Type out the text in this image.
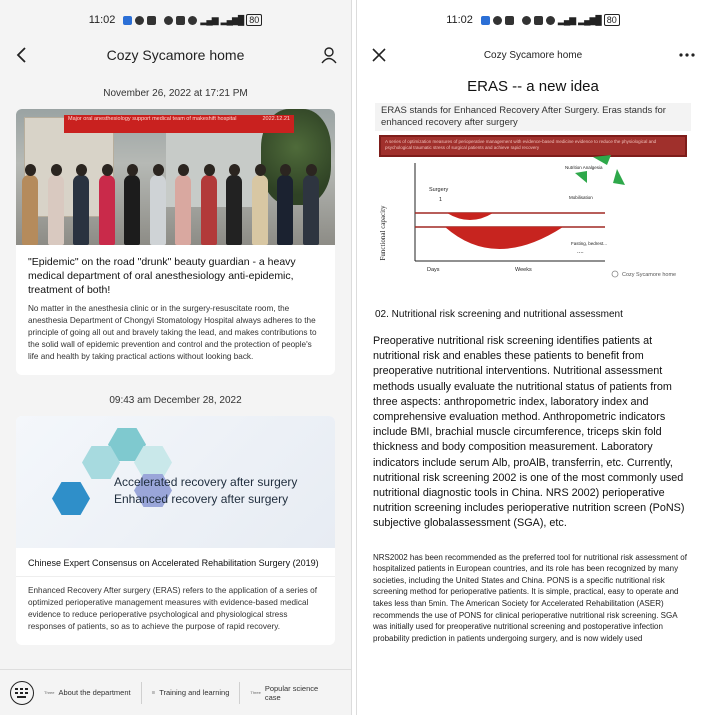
11:02	▂▄▆ ▂▄▆█ 80
Cozy Sycamore home
November 26, 2022 at 17:21 PM
Major oral anesthesiology support medical team of makeshift hospital	2022.12.21
"Epidemic" on the road "drunk" beauty guardian - a heavy medical department of oral anesthesiology anti-epidemic, treatment of both!
No matter in the anesthesia clinic or in the surgery-resuscitate room, the anesthesia Department of Chongyi Stomatology Hospital always adheres to the principle of going all out and bravely taking the lead, and makes contributions to the solid wall of epidemic prevention and control and the protection of people's life and health by taking practical actions without looking back.
09:43 am December 28, 2022
Accelerated recovery after surgery
Enhanced recovery after surgery
Chinese Expert Consensus on Accelerated Rehabilitation Surgery (2019)
Enhanced Recovery After surgery (ERAS) refers to the application of a series of optimized perioperative management measures with evidence-based medical evidence to reduce perioperative psychological and physiological stress responses of patients, so as to achieve the purpose of rapid recovery.
Three About the department	☰ Training and learning	Three Popular science case
11:02	▂▄▆ ▂▄▆█ 80
Cozy Sycamore home
ERAS -- a new idea
ERAS stands for Enhanced Recovery After Surgery. Eras stands for enhanced recovery after surgery
A series of optimization measures of perioperative management with evidence-based medicine evidence to reduce the physiological and psychological traumatic stress of surgical patients and achieve rapid recovery
Functional capacity
Surgery
1
Nutrition Analgesia
Mobilisation
Fasting, bedrest...
....
Days	Weeks
Cozy Sycamore home
02. Nutritional risk screening and nutritional assessment
Preoperative nutritional risk screening identifies patients at nutritional risk and enables these patients to benefit from preoperative nutritional interventions. Nutritional assessment methods usually evaluate the nutritional status of patients from three aspects: anthropometric index, laboratory index and comprehensive evaluation method. Anthropometric indicators include BMI, brachial muscle circumference, triceps skin fold thickness and body composition measurement. Laboratory indicators include serum Alb, proAlB, transferrin, etc. Currently, nutritional risk screening 2002 is one of the most commonly used nutritional diagnostic tools in China. NRS 2002) perioperative nutrition screening includes perioperative nutrition screen (PoNS) subjective globalassessment (SGA), etc.
NRS2002 has been recommended as the preferred tool for nutritional risk assessment of hospitalized patients in European countries, and its role has been recognized by many societies, including the United States and China. PONS is a specific nutritional risk screening method for perioperative patients. It is simple, practical, easy to operate and takes less than 5min. The American Society for Accelerated Rehabilitation (ASER) recommends the use of PONS for clinical perioperative nutritional risk screening. SGA was initially used for preoperative nutritional screening and postoperative infection probability prediction in patients undergoing surgery, and is now widely used
